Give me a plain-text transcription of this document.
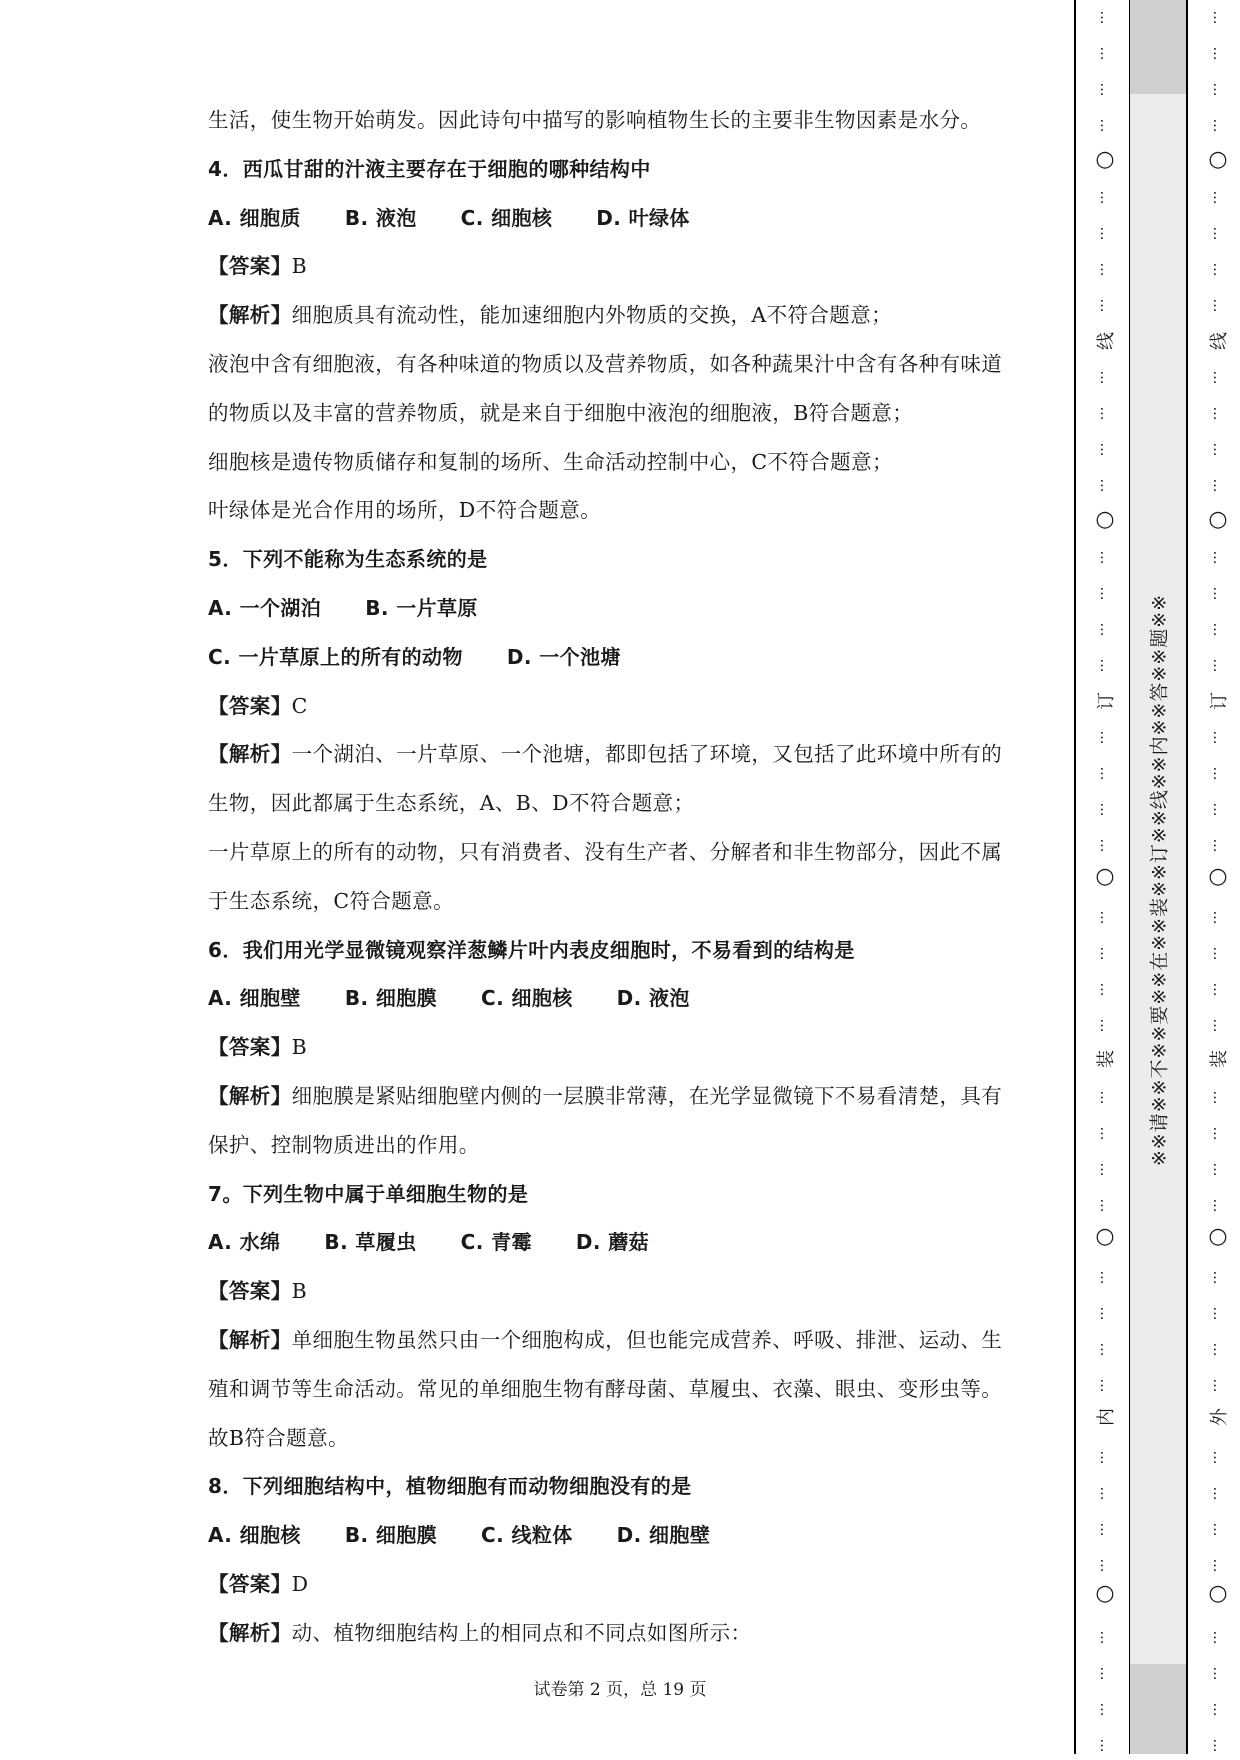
生活，使生物开始萌发。因此诗句中描写的影响植物生长的主要非生物因素是水分。
4．西瓜甘甜的汁液主要存在于细胞的哪种结构中
A. 细胞质 B. 液泡 C. 细胞核 D. 叶绿体
【答案】B
【解析】细胞质具有流动性，能加速细胞内外物质的交换，A不符合题意；
液泡中含有细胞液，有各种味道的物质以及营养物质，如各种蔬果汁中含有各种有味道
的物质以及丰富的营养物质，就是来自于细胞中液泡的细胞液，B符合题意；
细胞核是遗传物质储存和复制的场所、生命活动控制中心，C不符合题意；
叶绿体是光合作用的场所，D不符合题意。
5．下列不能称为生态系统的是
A. 一个湖泊 B. 一片草原
C. 一片草原上的所有的动物 D. 一个池塘
【答案】C
【解析】一个湖泊、一片草原、一个池塘，都即包括了环境，又包括了此环境中所有的
生物，因此都属于生态系统，A、B、D不符合题意；
一片草原上的所有的动物，只有消费者、没有生产者、分解者和非生物部分，因此不属
于生态系统，C符合题意。
6．我们用光学显微镜观察洋葱鳞片叶内表皮细胞时，不易看到的结构是
A. 细胞壁 B. 细胞膜 C. 细胞核 D. 液泡
【答案】B
【解析】细胞膜是紧贴细胞壁内侧的一层膜非常薄，在光学显微镜下不易看清楚，具有
保护、控制物质进出的作用。
7。下列生物中属于单细胞生物的是
A. 水绵 B. 草履虫 C. 青霉 D. 蘑菇
【答案】B
【解析】单细胞生物虽然只由一个细胞构成，但也能完成营养、呼吸、排泄、运动、生
殖和调节等生命活动。常见的单细胞生物有酵母菌、草履虫、衣藻、眼虫、变形虫等。
故B符合题意。
8．下列细胞结构中，植物细胞有而动物细胞没有的是
A. 细胞核 B. 细胞膜 C. 线粒体 D. 细胞壁
【答案】D
【解析】动、植物细胞结构上的相同点和不同点如图所示：
试卷第 2 页，总 19 页
※※请※※不※※要※※在※※装※※订※※线※※内※※答※※题※※
…
…
…
…
…
…
…
…
…
…
…
…
…
…
…
…
…
…
…
…
…
…
…
…
…
…
…
…
…
…
…
…
…
…
…
…
…
…
…
…
○
○
○
○
○
线
订
装
内
…
…
…
…
…
…
…
…
…
…
…
…
…
…
…
…
…
…
…
…
…
…
…
…
…
…
…
…
…
…
…
…
…
…
…
…
…
…
…
…
○
○
○
○
○
线
订
装
外
